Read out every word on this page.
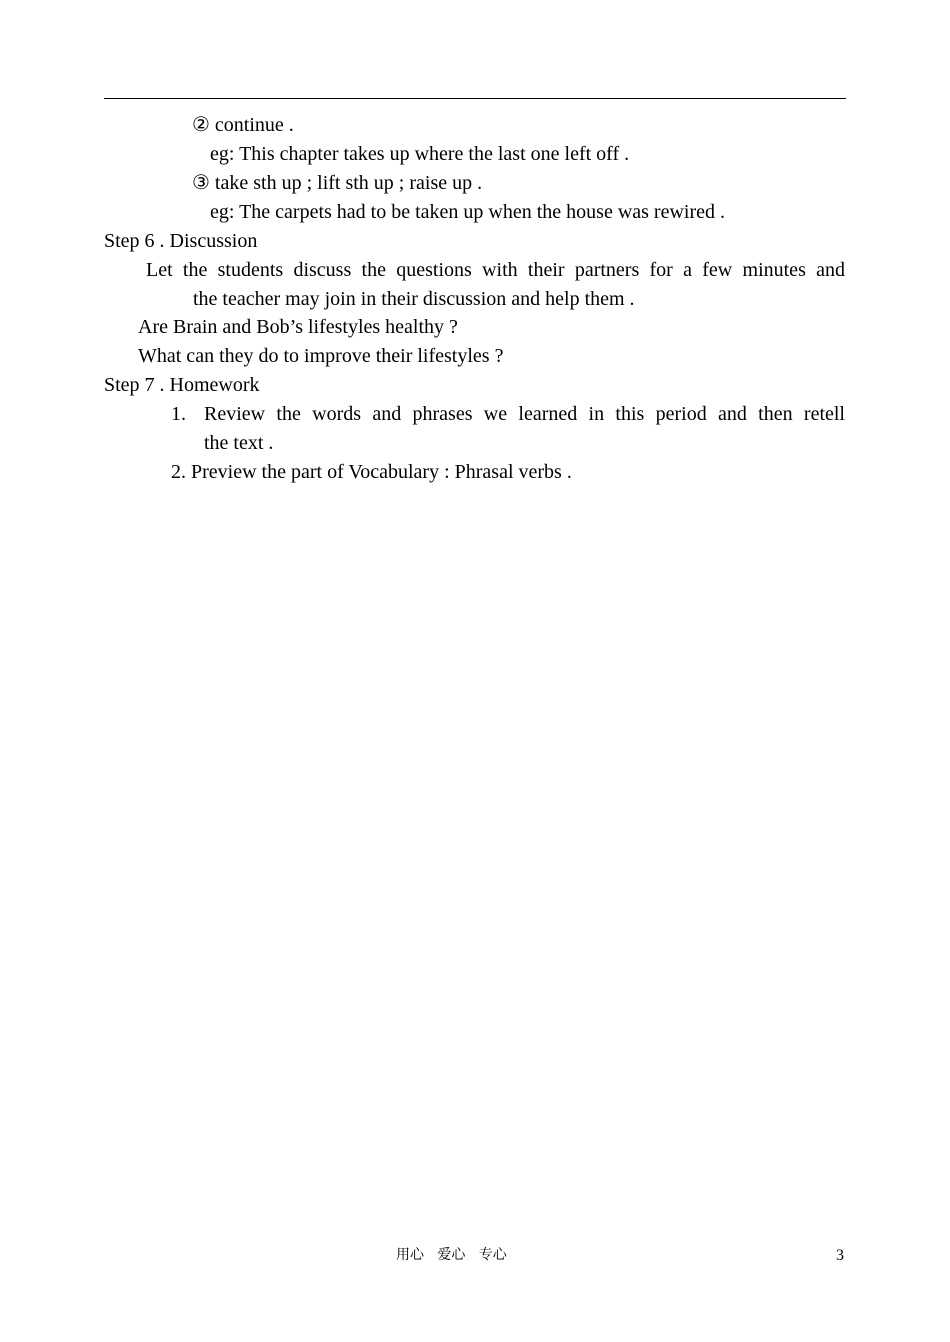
② continue .
eg: This chapter takes up where the last one left off .
③ take sth up ; lift sth up ; raise up .
eg: The carpets had to be taken up when the house was rewired .
Step 6 . Discussion
Let the students discuss the questions with their partners for a few minutes and
the teacher may join in their discussion and help them .
Are Brain and Bob’s lifestyles healthy ?
What can they do to improve their lifestyles ?
Step 7 . Homework
1. Review the words and phrases we learned in this period and then retell
the text .
2. Preview the part of Vocabulary : Phrasal verbs .
用心   爱心   专心	3
